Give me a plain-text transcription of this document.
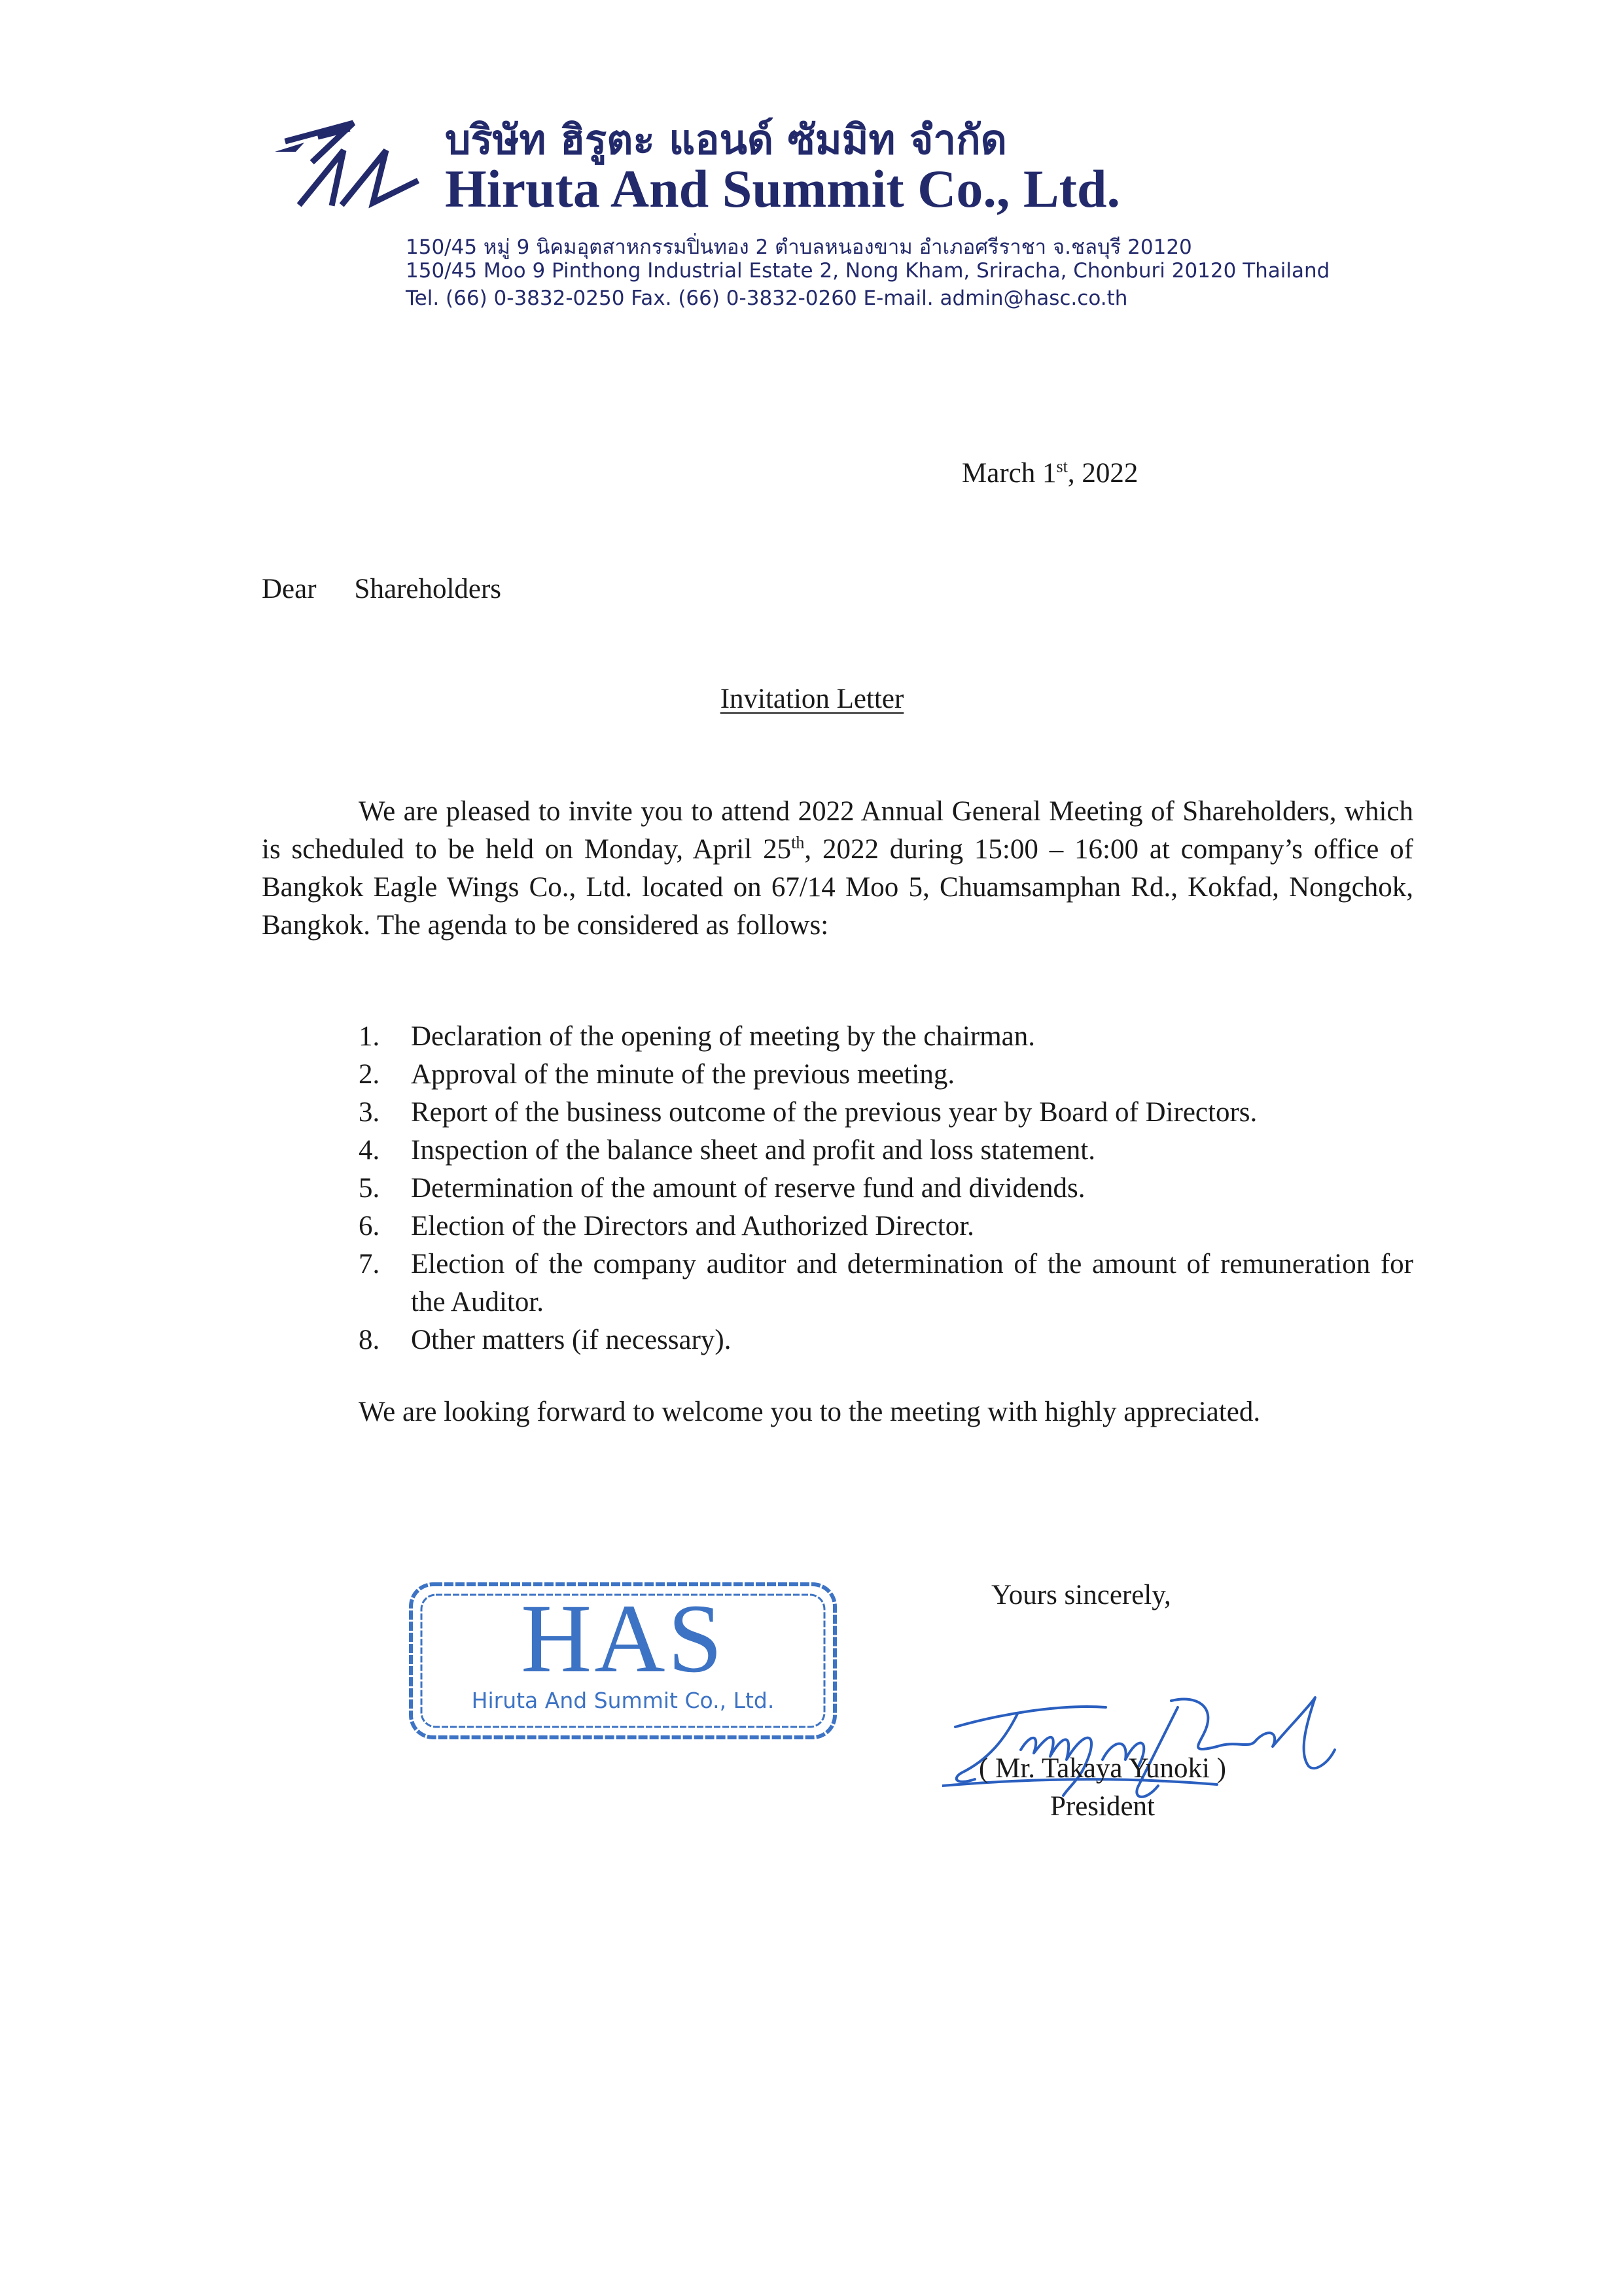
บริษัท ฮิรูตะ แอนด์ ซัมมิท จำกัด
Hiruta And Summit Co., Ltd.
150/45 หมู่ 9 นิคมอุตสาหกรรมปิ่นทอง 2 ตำบลหนองขาม อำเภอศรีราชา จ.ชลบุรี 20120
150/45 Moo 9 Pinthong Industrial Estate 2, Nong Kham, Sriracha, Chonburi 20120 Thailand
Tel. (66) 0-3832-0250 Fax. (66) 0-3832-0260 E-mail. admin@hasc.co.th
March 1st, 2022
Dear Shareholders
Invitation Letter

We are pleased to invite you to attend 2022 Annual General Meeting of Shareholders, which is scheduled to be held on Monday, April 25th, 2022 during 15:00 – 16:00 at company’s office of Bangkok Eagle Wings Co., Ltd. located on 67/14 Moo 5, Chuamsamphan Rd., Kokfad, Nongchok, Bangkok. The agenda to be considered as follows:

1. Declaration of the opening of meeting by the chairman.
2. Approval of the minute of the previous meeting.
3. Report of the business outcome of the previous year by Board of Directors.
4. Inspection of the balance sheet and profit and loss statement.
5. Determination of the amount of reserve fund and dividends.
6. Election of the Directors and Authorized Director.
7. Election of the company auditor and determination of the amount of remuneration for the Auditor.
8. Other matters (if necessary).
We are looking forward to welcome you to the meeting with highly appreciated.
HAS
Hiruta And Summit Co., Ltd.
Yours sincerely,
( Mr. Takaya Yunoki )
President
